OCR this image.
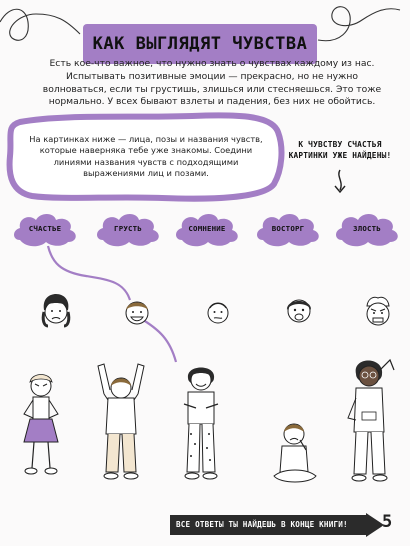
КАК ВЫГЛЯДЯТ ЧУВСТВА
Есть кое-что важное, что нужно знать о чувствах каждому из нас. Испытывать позитивные эмоции — прекрасно, но не нужно волноваться, если ты грустишь, злишься или стесняешься. Это тоже нормально. У всех бывают взлеты и падения, без них не обойтись.
На картинках ниже — лица, позы и названия чувств, которые наверняка тебе уже знакомы. Соедини линиями названия чувств с подходящими выражениями лиц и позами.
К ЧУВСТВУ СЧАСТЬЯ КАРТИНКИ УЖЕ НАЙДЕНЫ!
СЧАСТЬЕ	ГРУСТЬ	СОМНЕНИЕ	ВОСТОРГ	ЗЛОСТЬ
ВСЕ ОТВЕТЫ ТЫ НАЙДЕШЬ В КОНЦЕ КНИГИ!	5
